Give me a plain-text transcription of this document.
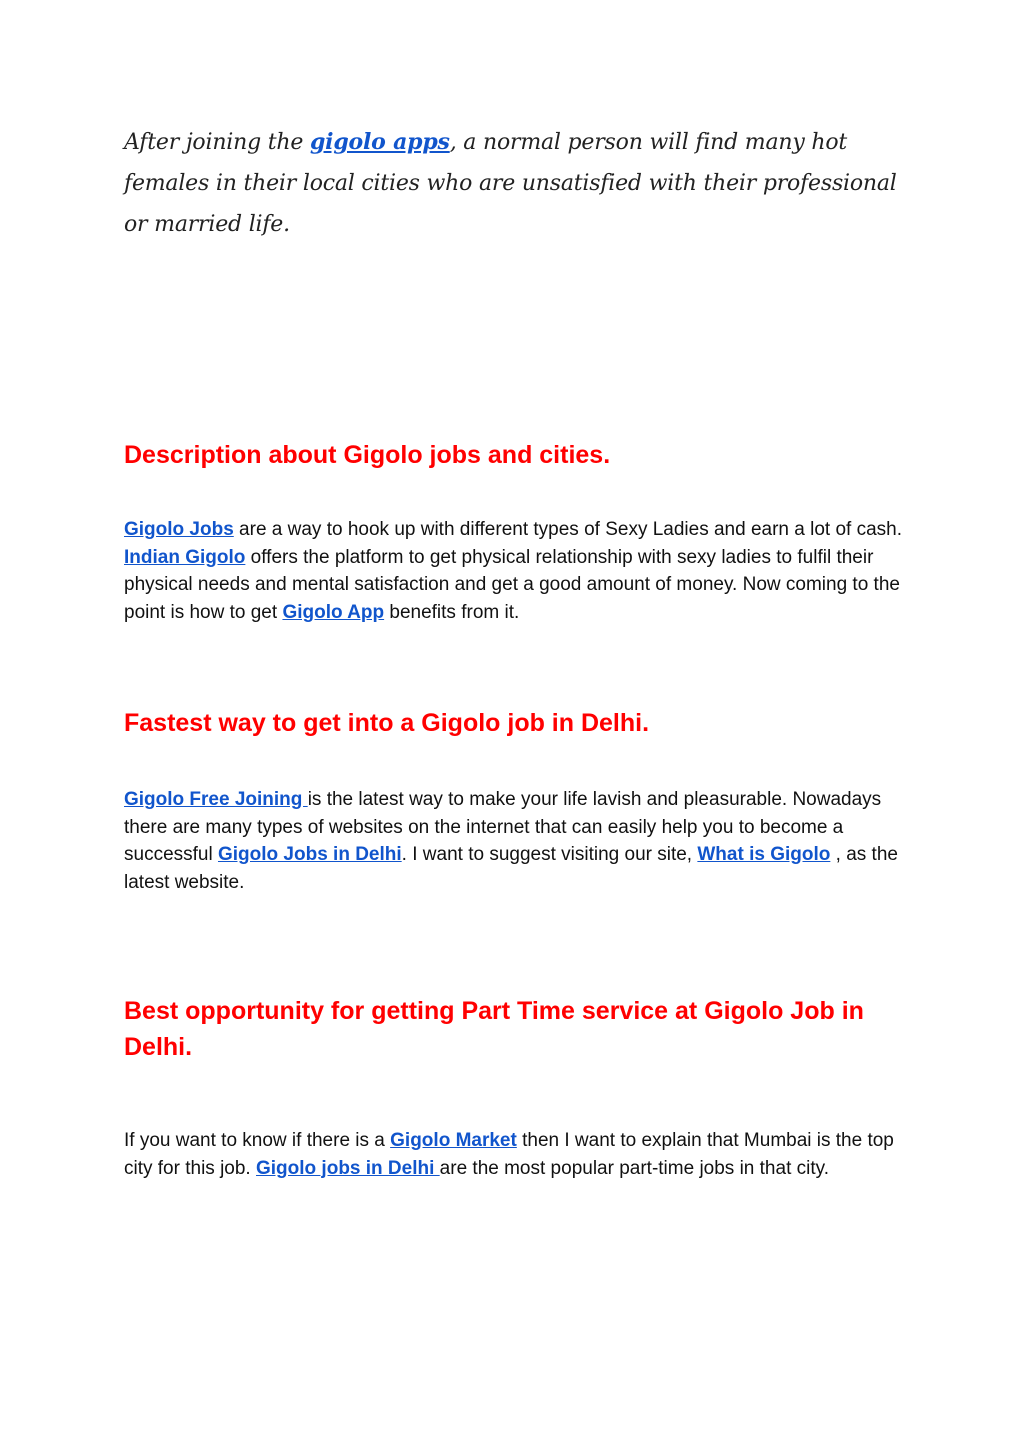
After joining the gigolo apps, a normal person will find many hot females in their local cities who are unsatisfied with their professional or married life.
Description about Gigolo jobs and cities.

Gigolo Jobs are a way to hook up with different types of Sexy Ladies and earn a lot of cash. Indian Gigolo offers the platform to get physical relationship with sexy ladies to fulfil their physical needs and mental satisfaction and get a good amount of money. Now coming to the point is how to get Gigolo App benefits from it.

Fastest way to get into a Gigolo job in Delhi.

Gigolo Free Joining is the latest way to make your life lavish and pleasurable. Nowadays there are many types of websites on the internet that can easily help you to become a successful Gigolo Jobs in Delhi. I want to suggest visiting our site, What is Gigolo , as the latest website.

Best opportunity for getting Part Time service at Gigolo Job in Delhi.

If you want to know if there is a Gigolo Market then I want to explain that Mumbai is the top city for this job. Gigolo jobs in Delhi are the most popular part-time jobs in that city.
